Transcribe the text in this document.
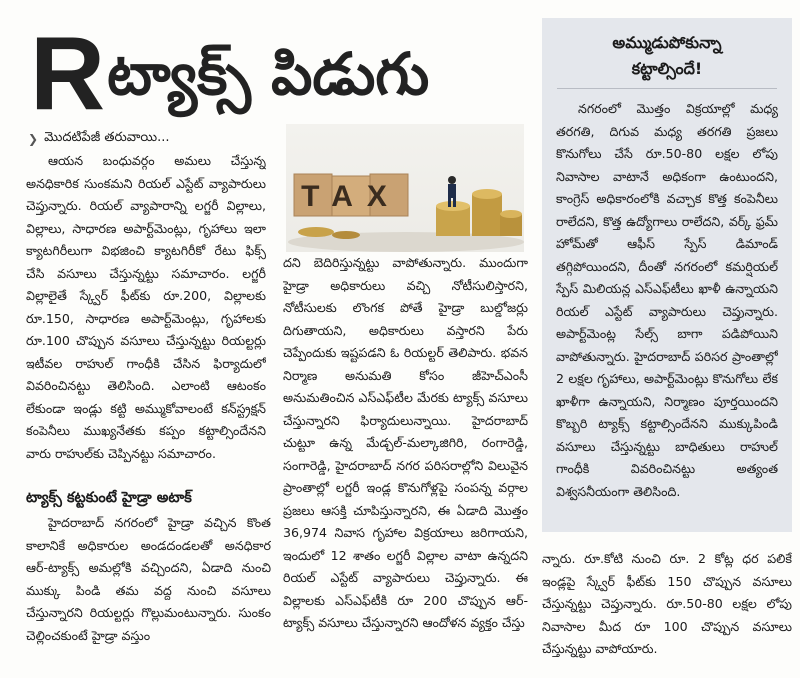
R ట్యాక్స్ పిడుగు
❯ మొదటిపేజీ తరువాయి...

ఆయన బంధువర్గం అమలు చేస్తున్న అనధికారిక సుంకమని రియల్ ఎస్టేట్ వ్యాపారులు చెప్తున్నారు. రియల్ వ్యాపారాన్ని లగ్జరీ విల్లాలు, విల్లాలు, సాధారణ అపార్ట్‌మెంట్లు, గృహాలు ఇలా క్యాటగిరీలుగా విభజించి క్యాటగిరీకో రేటు ఫిక్స్ చేసి వసూలు చేస్తున్నట్టు సమాచారం. లగ్జరీ విల్లాలైతే స్క్వేర్ ఫీట్‌కు రూ.200, విల్లాలకు రూ.150, సాధారణ అపార్ట్‌మెంట్లు, గృహాలకు రూ.100 చొప్పున వసూలు చేస్తున్నట్టు రియల్టర్లు ఇటీవల రాహుల్ గాంధీకి చేసిన ఫిర్యాదులో వివరించినట్టు తెలిసింది. ఎలాంటి ఆటంకం లేకుండా ఇండ్లు కట్టి అమ్ముకోవాలంటే కన్‌స్ట్రక్షన్ కంపెనీలు ముఖ్యనేతకు కప్పం కట్టాల్సిందేనని వారు రాహుల్‌కు చెప్పినట్టు సమాచారం.

ట్యాక్స్ కట్టకుంటే హైడ్రా అటాక్

హైదరాబాద్ నగరంలో హైడ్రా వచ్చిన కొంత కాలానికే అధికారుల అండదండలతో అనధికార ఆర్-ట్యాక్స్ అమల్లోకి వచ్చిందని, ఏడాది నుంచి ముక్కు పిండి తమ వద్ద నుంచి వసూలు చేస్తున్నారని రియల్టర్లు గొల్లుమంటున్నారు. సుంకం చెల్లించకుంటే హైడ్రా వస్తుం

TAX

దని బెదిరిస్తున్నట్టు వాపోతున్నారు. ముందుగా హైడ్రా అధికారులు వచ్చి నోటీసులిస్తారని, నోటీసులకు లొంగక పోతే హైడ్రా బుల్డోజర్లు దిగుతాయని, అధికారులు వస్తారని పేరు చెప్పేందుకు ఇష్టపడని ఓ రియల్టర్ తెలిపారు. భవన నిర్మాణ అనుమతి కోసం జీహెచ్ఎంసీ అనుమతించిన ఎస్ఎఫ్‌టీల మేరకు ట్యాక్స్ వసూలు చేస్తున్నారని ఫిర్యాదులున్నాయి. హైదరాబాద్ చుట్టూ ఉన్న మేడ్చల్-మల్కాజిగిరి, రంగారెడ్డి, సంగారెడ్డి, హైదరాబాద్ నగర పరిసరాల్లోని విలువైన ప్రాంతాల్లో లగ్జరీ ఇండ్ల కొనుగోళ్లపై సంపన్న వర్గాల ప్రజలు ఆసక్తి చూపిస్తున్నారని, ఈ ఏడాది మొత్తం 36,974 నివాస గృహాల విక్రయాలు జరిగాయని, ఇందులో 12 శాతం లగ్జరీ విల్లాల వాటా ఉన్నదని రియల్ ఎస్టేట్ వ్యాపారులు చెప్తున్నారు. ఈ విల్లాలకు ఎస్ఎఫ్‌టీకి రూ 200 చొప్పున ఆర్-ట్యాక్స్ వసూలు చేస్తున్నారని ఆందోళన వ్యక్తం చేస్తు

అమ్ముడుపోకున్నా
కట్టాల్సిందే!

నగరంలో మొత్తం విక్రయాల్లో మధ్య తరగతి, దిగువ మధ్య తరగతి ప్రజలు కొనుగోలు చేసే రూ.50-80 లక్షల లోపు నివాసాల వాటానే అధికంగా ఉంటుందని, కాంగ్రెస్ అధికారంలోకి వచ్చాక కొత్త కంపెనీలు రాలేదని, కొత్త ఉద్యోగాలు రాలేదని, వర్క్ ఫ్రమ్ హోమ్‌తో ఆఫీస్ స్పేస్ డిమాండ్ తగ్గిపోయిందని, దీంతో నగరంలో కమర్షియల్ స్పేస్ మిలియన్ల ఎస్ఎఫ్‌టీలు ఖాళీ ఉన్నాయని రియల్ ఎస్టేట్ వ్యాపారులు చెప్తున్నారు. అపార్ట్‌మెంట్ల సేల్స్ బాగా పడిపోయిని వాపోతున్నారు. హైదరాబాద్ పరిసర ప్రాంతాల్లో 2 లక్షల గృహాలు, అపార్ట్‌మెంట్లు కొనుగోలు లేక ఖాళీగా ఉన్నాయని, నిర్మాణం పూర్తయిందని కొబ్బరి ట్యాక్స్ కట్టాల్సిందేనని ముక్కుపిండి వసూలు చేస్తున్నట్టు బాధితులు రాహుల్ గాంధీకి వివరించినట్టు అత్యంత విశ్వసనీయంగా తెలిసింది.

న్నారు. రూ.కోటి నుంచి రూ. 2 కోట్ల ధర పలికే ఇండ్లపై స్క్వేర్ ఫీట్‌కు 150 చొప్పున వసూలు చేస్తున్నట్టు చెప్తున్నారు. రూ.50-80 లక్షల లోపు నివాసాల మీద రూ 100 చొప్పున వసూలు చేస్తున్నట్టు వాపోయారు.
